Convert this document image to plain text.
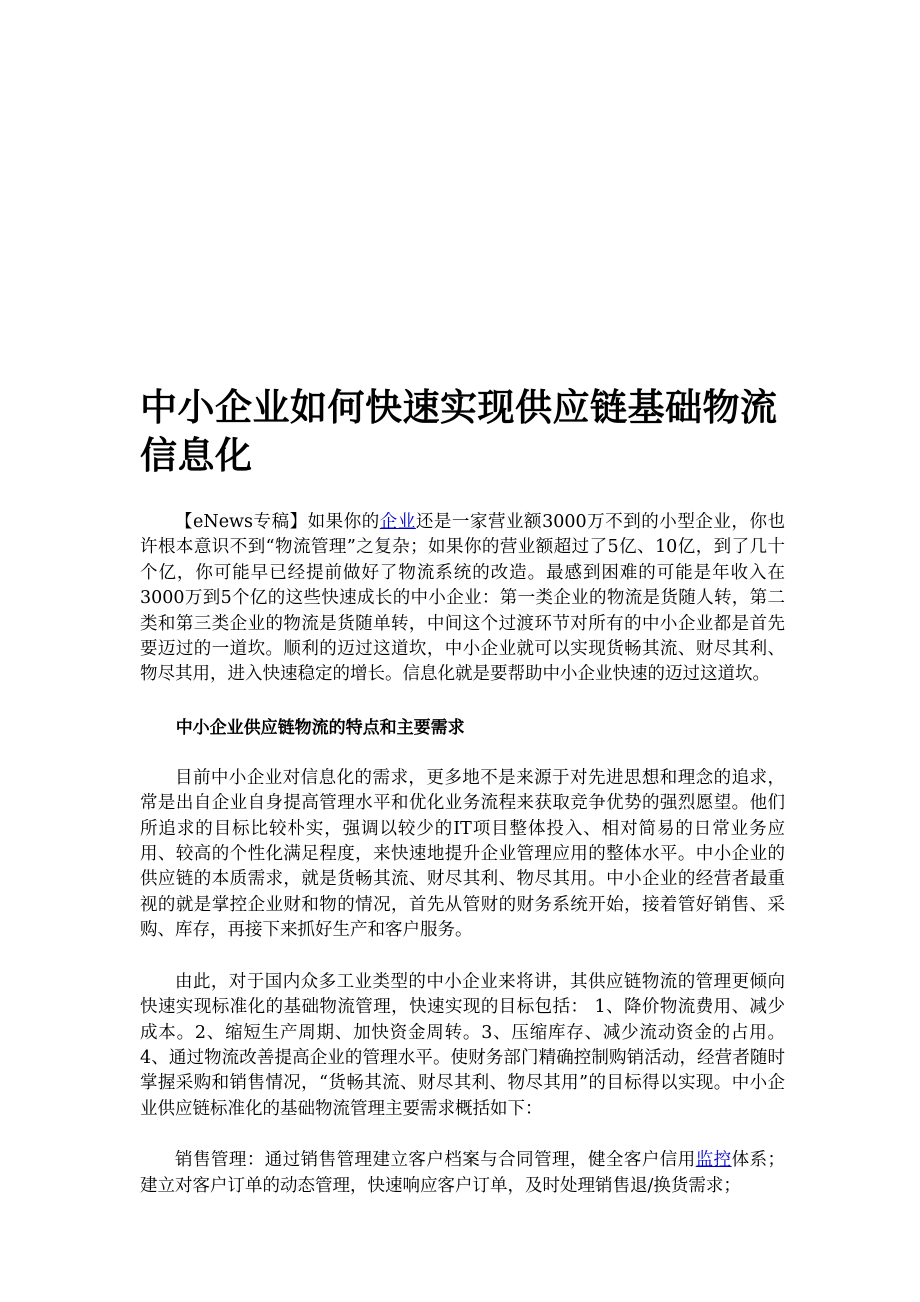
中小企业如何快速实现供应链基础物流信息化

【eNews专稿】如果你的企业还是一家营业额3000万不到的小型企业，你也许根本意识不到“物流管理”之复杂；如果你的营业额超过了5亿、10亿，到了几十个亿，你可能早已经提前做好了物流系统的改造。最感到困难的可能是年收入在3000万到5个亿的这些快速成长的中小企业：第一类企业的物流是货随人转，第二类和第三类企业的物流是货随单转，中间这个过渡环节对所有的中小企业都是首先要迈过的一道坎。顺利的迈过这道坎，中小企业就可以实现货畅其流、财尽其利、物尽其用，进入快速稳定的增长。信息化就是要帮助中小企业快速的迈过这道坎。

中小企业供应链物流的特点和主要需求

目前中小企业对信息化的需求，更多地不是来源于对先进思想和理念的追求，常是出自企业自身提高管理水平和优化业务流程来获取竞争优势的强烈愿望。他们所追求的目标比较朴实，强调以较少的IT项目整体投入、相对简易的日常业务应用、较高的个性化满足程度，来快速地提升企业管理应用的整体水平。中小企业的供应链的本质需求，就是货畅其流、财尽其利、物尽其用。中小企业的经营者最重视的就是掌控企业财和物的情况，首先从管财的财务系统开始，接着管好销售、采购、库存，再接下来抓好生产和客户服务。

由此，对于国内众多工业类型的中小企业来将讲，其供应链物流的管理更倾向快速实现标准化的基础物流管理，快速实现的目标包括： 1、降价物流费用、减少成本。2、缩短生产周期、加快资金周转。3、压缩库存、减少流动资金的占用。4、通过物流改善提高企业的管理水平。使财务部门精确控制购销活动，经营者随时掌握采购和销售情况，“货畅其流、财尽其利、物尽其用”的目标得以实现。中小企业供应链标准化的基础物流管理主要需求概括如下：

销售管理：通过销售管理建立客户档案与合同管理，健全客户信用监控体系；建立对客户订单的动态管理，快速响应客户订单，及时处理销售退/换货需求；
